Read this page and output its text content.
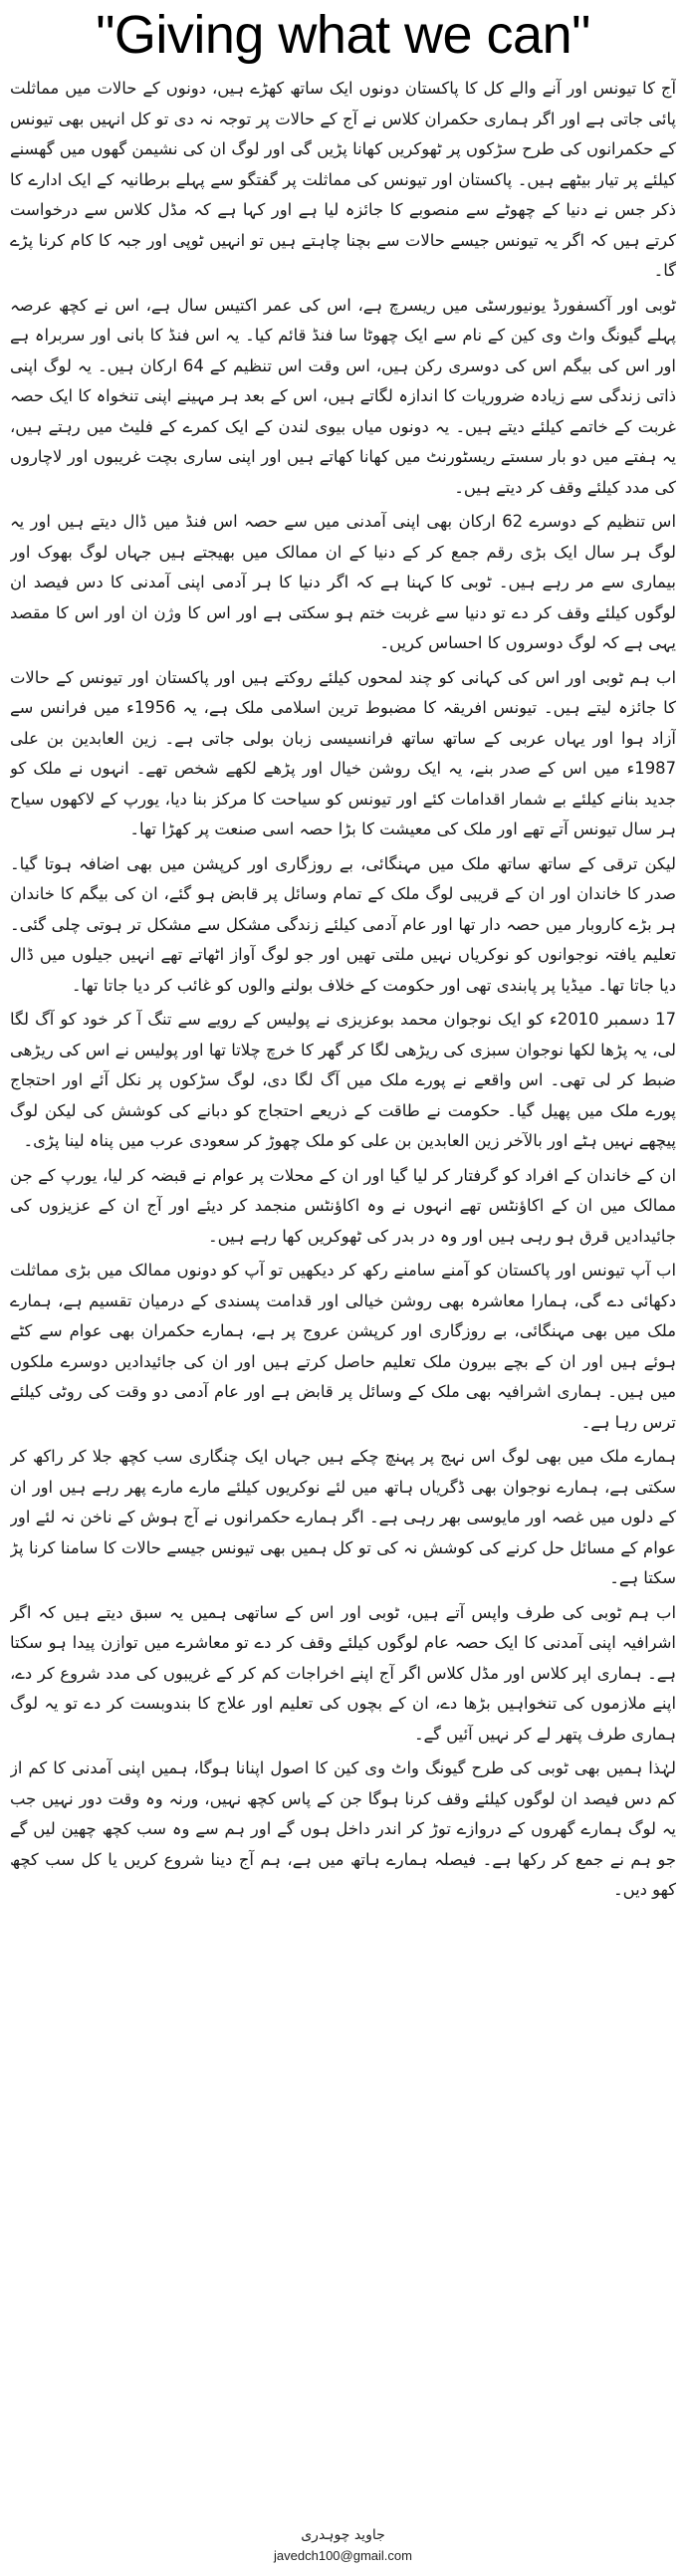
"Giving what we can"

آج کا تیونس اور آنے والے کل کا پاکستان دونوں ایک ساتھ کھڑے ہیں، دونوں کے حالات میں مماثلت پائی جاتی ہے اور اگر ہماری حکمران کلاس نے آج کے حالات پر توجہ نہ دی تو کل انہیں بھی تیونس کے حکمرانوں کی طرح سڑکوں پر ٹھوکریں کھانا پڑیں گی اور لوگ ان کی نشیمن گھوں میں گھسنے کیلئے پر تیار بیٹھے ہیں۔ پاکستان اور تیونس کی مماثلت پر گفتگو سے پہلے برطانیہ کے ایک ادارے کا ذکر جس نے دنیا کے چھوٹے سے منصوبے کا جائزہ لیا ہے اور کہا ہے کہ مڈل کلاس سے درخواست کرتے ہیں کہ اگر یہ تیونس جیسے حالات سے بچنا چاہتے ہیں تو انہیں ٹوپی اور جبہ کا کام کرنا پڑے گا۔

ٹوبی اور آکسفورڈ یونیورسٹی میں ریسرچ ہے، اس کی عمر اکتیس سال ہے، اس نے کچھ عرصہ پہلے گیونگ واٹ وی کین کے نام سے ایک چھوٹا سا فنڈ قائم کیا۔ یہ اس فنڈ کا بانی اور سربراہ ہے اور اس کی بیگم اس کی دوسری رکن ہیں، اس وقت اس تنظیم کے 64 ارکان ہیں۔ یہ لوگ اپنی ذاتی زندگی سے زیادہ ضروریات کا اندازہ لگاتے ہیں، اس کے بعد ہر مہینے اپنی تنخواہ کا ایک حصہ غربت کے خاتمے کیلئے دیتے ہیں۔ یہ دونوں میاں بیوی لندن کے ایک کمرے کے فلیٹ میں رہتے ہیں، یہ ہفتے میں دو بار سستے ریسٹورنٹ میں کھانا کھاتے ہیں اور اپنی ساری بچت غریبوں اور لاچاروں کی مدد کیلئے وقف کر دیتے ہیں۔

اس تنظیم کے دوسرے 62 ارکان بھی اپنی آمدنی میں سے حصہ اس فنڈ میں ڈال دیتے ہیں اور یہ لوگ ہر سال ایک بڑی رقم جمع کر کے دنیا کے ان ممالک میں بھیجتے ہیں جہاں لوگ بھوک اور بیماری سے مر رہے ہیں۔ ٹوبی کا کہنا ہے کہ اگر دنیا کا ہر آدمی اپنی آمدنی کا دس فیصد ان لوگوں کیلئے وقف کر دے تو دنیا سے غربت ختم ہو سکتی ہے اور اس کا وژن ان اور اس کا مقصد یہی ہے کہ لوگ دوسروں کا احساس کریں۔

اب ہم ٹوبی اور اس کی کہانی کو چند لمحوں کیلئے روکتے ہیں اور پاکستان اور تیونس کے حالات کا جائزہ لیتے ہیں۔ تیونس افریقہ کا مضبوط ترین اسلامی ملک ہے، یہ 1956ء میں فرانس سے آزاد ہوا اور یہاں عربی کے ساتھ ساتھ فرانسیسی زبان بولی جاتی ہے۔ زین العابدین بن علی 1987ء میں اس کے صدر بنے، یہ ایک روشن خیال اور پڑھے لکھے شخص تھے۔ انہوں نے ملک کو جدید بنانے کیلئے بے شمار اقدامات کئے اور تیونس کو سیاحت کا مرکز بنا دیا، یورپ کے لاکھوں سیاح ہر سال تیونس آتے تھے اور ملک کی معیشت کا بڑا حصہ اسی صنعت پر کھڑا تھا۔

لیکن ترقی کے ساتھ ساتھ ملک میں مہنگائی، بے روزگاری اور کرپشن میں بھی اضافہ ہوتا گیا۔ صدر کا خاندان اور ان کے قریبی لوگ ملک کے تمام وسائل پر قابض ہو گئے، ان کی بیگم کا خاندان ہر بڑے کاروبار میں حصہ دار تھا اور عام آدمی کیلئے زندگی مشکل سے مشکل تر ہوتی چلی گئی۔ تعلیم یافتہ نوجوانوں کو نوکریاں نہیں ملتی تھیں اور جو لوگ آواز اٹھاتے تھے انہیں جیلوں میں ڈال دیا جاتا تھا۔ میڈیا پر پابندی تھی اور حکومت کے خلاف بولنے والوں کو غائب کر دیا جاتا تھا۔

17 دسمبر 2010ء کو ایک نوجوان محمد بوعزیزی نے پولیس کے رویے سے تنگ آ کر خود کو آگ لگا لی، یہ پڑھا لکھا نوجوان سبزی کی ریڑھی لگا کر گھر کا خرچ چلاتا تھا اور پولیس نے اس کی ریڑھی ضبط کر لی تھی۔ اس واقعے نے پورے ملک میں آگ لگا دی، لوگ سڑکوں پر نکل آئے اور احتجاج پورے ملک میں پھیل گیا۔ حکومت نے طاقت کے ذریعے احتجاج کو دبانے کی کوشش کی لیکن لوگ پیچھے نہیں ہٹے اور بالآخر زین العابدین بن علی کو ملک چھوڑ کر سعودی عرب میں پناہ لینا پڑی۔

ان کے خاندان کے افراد کو گرفتار کر لیا گیا اور ان کے محلات پر عوام نے قبضہ کر لیا، یورپ کے جن ممالک میں ان کے اکاؤنٹس تھے انہوں نے وہ اکاؤنٹس منجمد کر دیئے اور آج ان کے عزیزوں کی جائیدادیں قرق ہو رہی ہیں اور وہ در بدر کی ٹھوکریں کھا رہے ہیں۔

اب آپ تیونس اور پاکستان کو آمنے سامنے رکھ کر دیکھیں تو آپ کو دونوں ممالک میں بڑی مماثلت دکھائی دے گی، ہمارا معاشرہ بھی روشن خیالی اور قدامت پسندی کے درمیان تقسیم ہے، ہمارے ملک میں بھی مہنگائی، بے روزگاری اور کرپشن عروج پر ہے، ہمارے حکمران بھی عوام سے کٹے ہوئے ہیں اور ان کے بچے بیرون ملک تعلیم حاصل کرتے ہیں اور ان کی جائیدادیں دوسرے ملکوں میں ہیں۔ ہماری اشرافیہ بھی ملک کے وسائل پر قابض ہے اور عام آدمی دو وقت کی روٹی کیلئے ترس رہا ہے۔

ہمارے ملک میں بھی لوگ اس نہج پر پہنچ چکے ہیں جہاں ایک چنگاری سب کچھ جلا کر راکھ کر سکتی ہے، ہمارے نوجوان بھی ڈگریاں ہاتھ میں لئے نوکریوں کیلئے مارے مارے پھر رہے ہیں اور ان کے دلوں میں غصہ اور مایوسی بھر رہی ہے۔ اگر ہمارے حکمرانوں نے آج ہوش کے ناخن نہ لئے اور عوام کے مسائل حل کرنے کی کوشش نہ کی تو کل ہمیں بھی تیونس جیسے حالات کا سامنا کرنا پڑ سکتا ہے۔

اب ہم ٹوبی کی طرف واپس آتے ہیں، ٹوبی اور اس کے ساتھی ہمیں یہ سبق دیتے ہیں کہ اگر اشرافیہ اپنی آمدنی کا ایک حصہ عام لوگوں کیلئے وقف کر دے تو معاشرے میں توازن پیدا ہو سکتا ہے۔ ہماری اپر کلاس اور مڈل کلاس اگر آج اپنے اخراجات کم کر کے غریبوں کی مدد شروع کر دے، اپنے ملازموں کی تنخواہیں بڑھا دے، ان کے بچوں کی تعلیم اور علاج کا بندوبست کر دے تو یہ لوگ ہماری طرف پتھر لے کر نہیں آئیں گے۔

لہٰذا ہمیں بھی ٹوبی کی طرح گیونگ واٹ وی کین کا اصول اپنانا ہوگا، ہمیں اپنی آمدنی کا کم از کم دس فیصد ان لوگوں کیلئے وقف کرنا ہوگا جن کے پاس کچھ نہیں، ورنہ وہ وقت دور نہیں جب یہ لوگ ہمارے گھروں کے دروازے توڑ کر اندر داخل ہوں گے اور ہم سے وہ سب کچھ چھین لیں گے جو ہم نے جمع کر رکھا ہے۔ فیصلہ ہمارے ہاتھ میں ہے، ہم آج دینا شروع کریں یا کل سب کچھ کھو دیں۔

جاوید چوہدری
javedch100@gmail.com
